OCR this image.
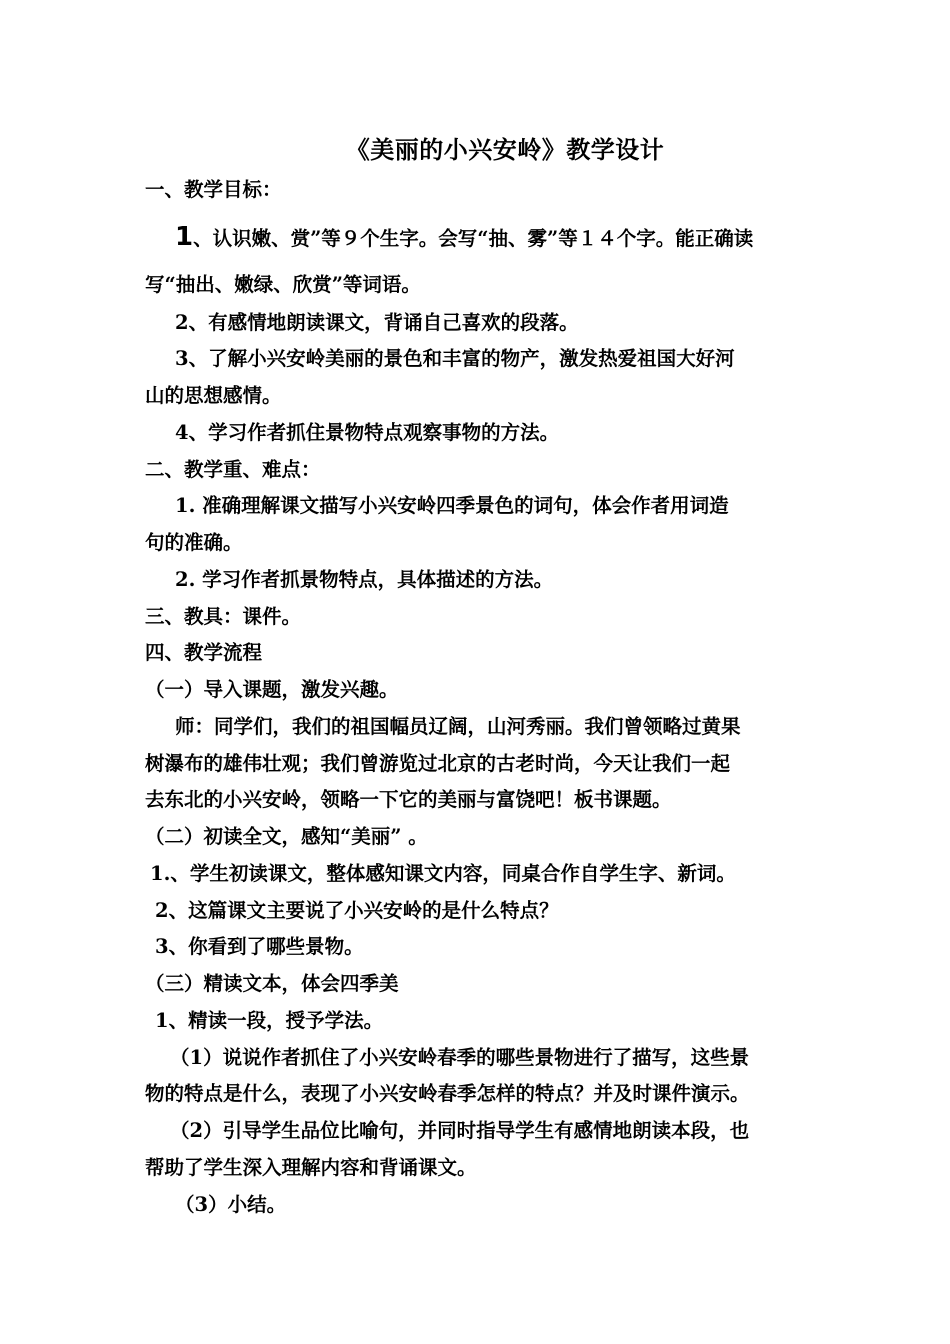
《美丽的小兴安岭》教学设计
一、教学目标：
1、认识嫩、赏”等９个生字。会写“抽、雾”等１４个字。能正确读
写“抽出、嫩绿、欣赏”等词语。
2、有感情地朗读课文，背诵自己喜欢的段落。
3、了解小兴安岭美丽的景色和丰富的物产，激发热爱祖国大好河
山的思想感情。
4、学习作者抓住景物特点观察事物的方法。
二、教学重、难点：
1. 准确理解课文描写小兴安岭四季景色的词句，体会作者用词造
句的准确。
2. 学习作者抓景物特点，具体描述的方法。
三、教具：课件。
四、教学流程
（一）导入课题，激发兴趣。
师：同学们，我们的祖国幅员辽阔，山河秀丽。我们曾领略过黄果
树瀑布的雄伟壮观；我们曾游览过北京的古老时尚，今天让我们一起
去东北的小兴安岭，领略一下它的美丽与富饶吧！板书课题。
（二）初读全文，感知“美丽” 。
1.、学生初读课文，整体感知课文内容，同桌合作自学生字、新词。
2、这篇课文主要说了小兴安岭的是什么特点？
3、你看到了哪些景物。
（三）精读文本，体会四季美
1、精读一段，授予学法。
（1）说说作者抓住了小兴安岭春季的哪些景物进行了描写，这些景
物的特点是什么，表现了小兴安岭春季怎样的特点？并及时课件演示。
（2）引导学生品位比喻句，并同时指导学生有感情地朗读本段，也
帮助了学生深入理解内容和背诵课文。
（3）小结。
